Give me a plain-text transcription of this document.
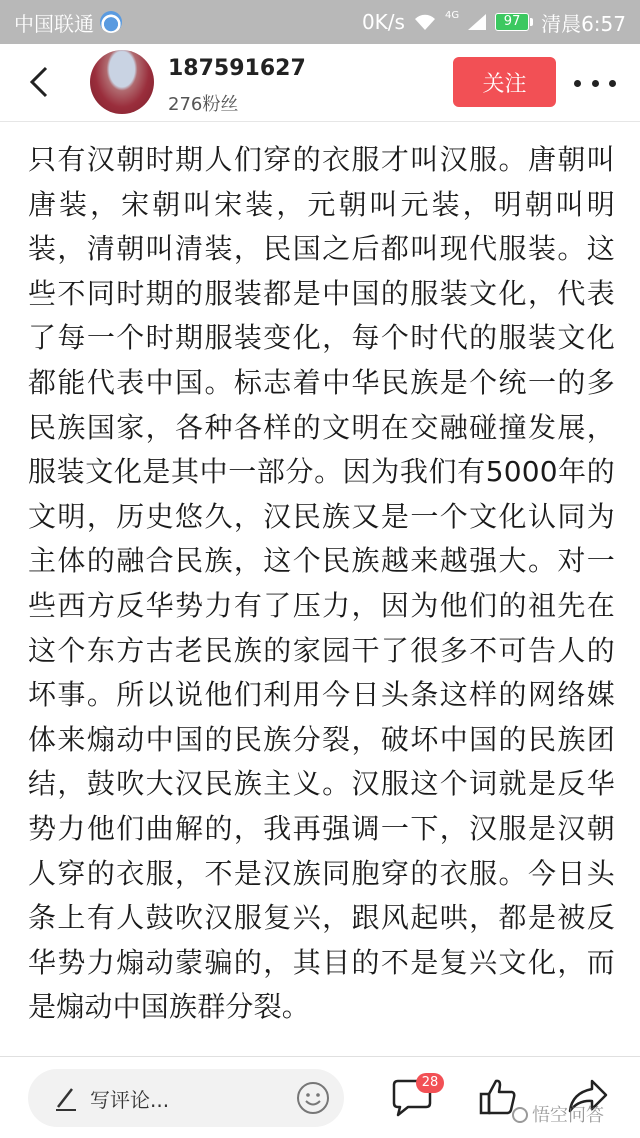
中国联通	0K/s	4G	97	清晨6:57
187591627
276粉丝
关注

只有汉朝时期人们穿的衣服才叫汉服。唐朝叫唐装，宋朝叫宋装，元朝叫元装，明朝叫明装，清朝叫清装，民国之后都叫现代服装。这些不同时期的服装都是中国的服装文化，代表了每一个时期服装变化，每个时代的服装文化都能代表中国。标志着中华民族是个统一的多民族国家，各种各样的文明在交融碰撞发展，服装文化是其中一部分。因为我们有5000年的文明，历史悠久，汉民族又是一个文化认同为主体的融合民族，这个民族越来越强大。对一些西方反华势力有了压力，因为他们的祖先在这个东方古老民族的家园干了很多不可告人的坏事。所以说他们利用今日头条这样的网络媒体来煽动中国的民族分裂，破坏中国的民族团结，鼓吹大汉民族主义。汉服这个词就是反华势力他们曲解的，我再强调一下，汉服是汉朝人穿的衣服，不是汉族同胞穿的衣服。今日头条上有人鼓吹汉服复兴，跟风起哄，都是被反华势力煽动蒙骗的，其目的不是复兴文化，而是煽动中国族群分裂。

写评论...
28
悟空问答
